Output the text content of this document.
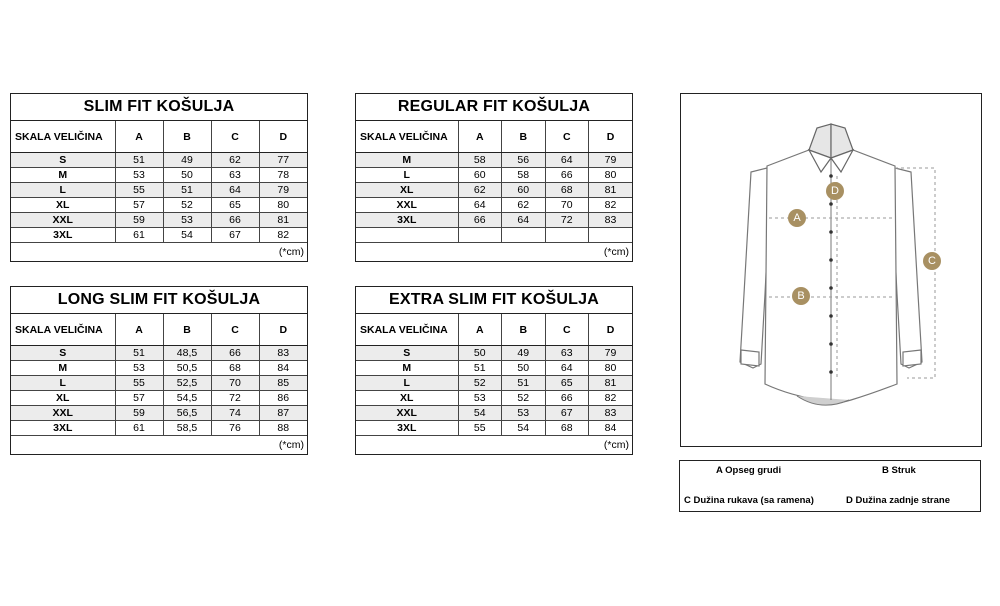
SLIM FIT KOŠULJA
SKALA VELIČINA	A	B	C	D
S	51	49	62	77
M	53	50	63	78
L	55	51	64	79
XL	57	52	65	80
XXL	59	53	66	81
3XL	61	54	67	82
(*cm)
REGULAR FIT KOŠULJA
SKALA VELIČINA	A	B	C	D
M	58	56	64	79
L	60	58	66	80
XL	62	60	68	81
XXL	64	62	70	82
3XL	66	64	72	83

(*cm)
LONG SLIM FIT KOŠULJA
SKALA VELIČINA	A	B	C	D
S	51	48,5	66	83
M	53	50,5	68	84
L	55	52,5	70	85
XL	57	54,5	72	86
XXL	59	56,5	74	87
3XL	61	58,5	76	88
(*cm)
EXTRA SLIM FIT KOŠULJA
SKALA VELIČINA	A	B	C	D
S	50	49	63	79
M	51	50	64	80
L	52	51	65	81
XL	53	52	66	82
XXL	54	53	67	83
3XL	55	54	68	84
(*cm)
A
B
C
D
A Opseg grudi	B Struk
C Dužina rukava (sa ramena)	D Dužina zadnje strane
